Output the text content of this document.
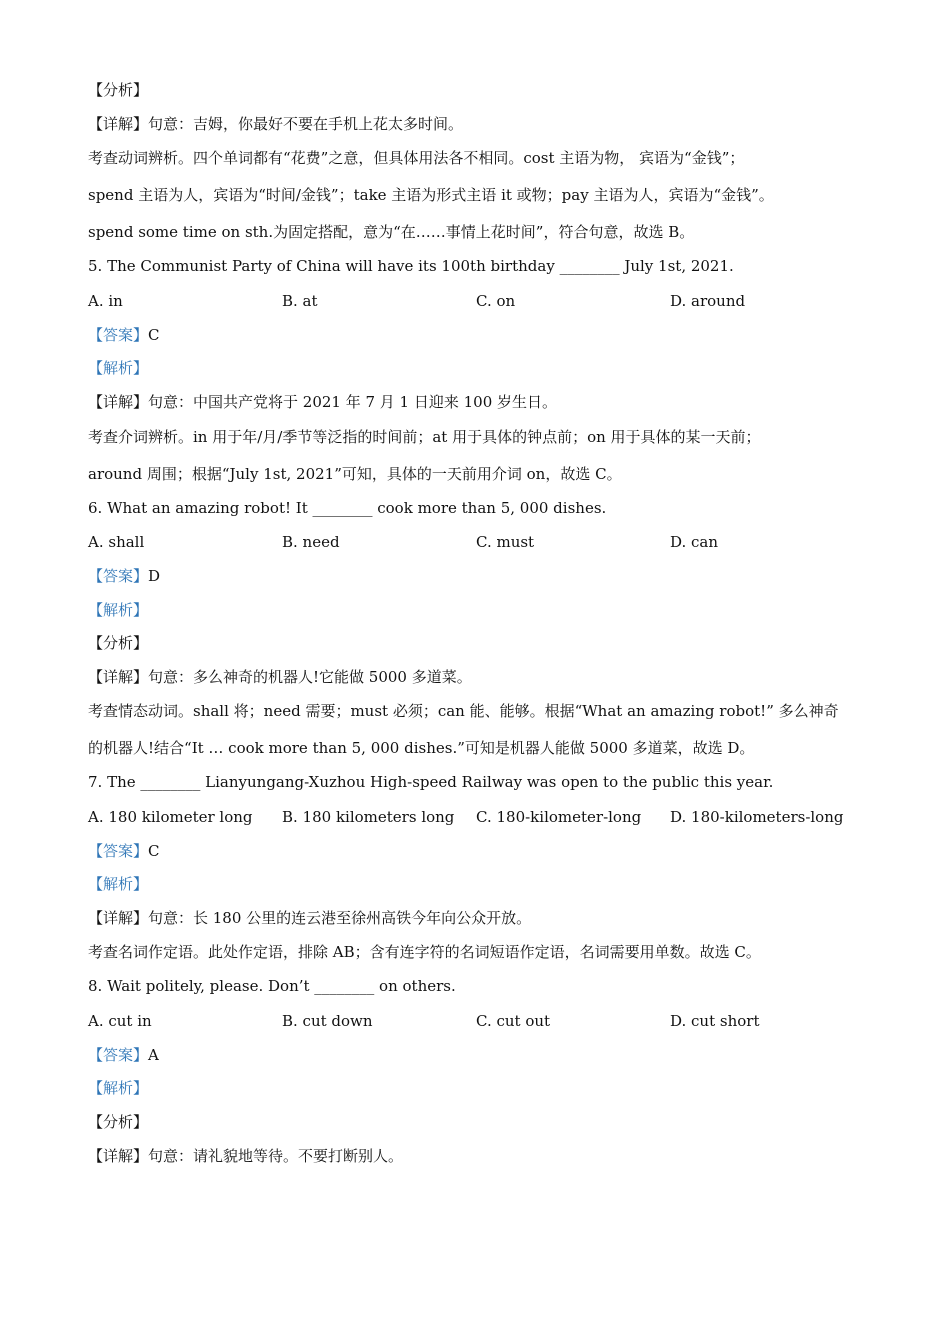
【分析】
【详解】句意：吉姆，你最好不要在手机上花太多时间。
考查动词辨析。四个单词都有“花费”之意，但具体用法各不相同。cost 主语为物， 宾语为“金钱”；
spend 主语为人，宾语为“时间/金钱”；take 主语为形式主语 it 或物；pay 主语为人，宾语为“金钱”。
spend some time on sth.为固定搭配，意为“在……事情上花时间”，符合句意，故选 B。
5. The Communist Party of China will have its 100th birthday ________ July 1st, 2021.
A. in	B. at	C. on	D. around
【答案】C
【解析】
【详解】句意：中国共产党将于 2021 年 7 月 1 日迎来 100 岁生日。
考查介词辨析。in 用于年/月/季节等泛指的时间前；at 用于具体的钟点前；on 用于具体的某一天前；
around 周围；根据“July 1st, 2021”可知，具体的一天前用介词 on，故选 C。
6. What an amazing robot! It ________ cook more than 5, 000 dishes.
A. shall	B. need	C. must	D. can
【答案】D
【解析】
【分析】
【详解】句意：多么神奇的机器人!它能做 5000 多道菜。
考查情态动词。shall 将；need 需要；must 必须；can 能、能够。根据“What an amazing robot!” 多么神奇
的机器人!结合“It … cook more than 5, 000 dishes.”可知是机器人能做 5000 多道菜，故选 D。
7. The ________ Lianyungang-Xuzhou High-speed Railway was open to the public this year.
A. 180 kilometer long B. 180 kilometers long C. 180-kilometer-long D. 180-kilometers-long
【答案】C
【解析】
【详解】句意：长 180 公里的连云港至徐州高铁今年向公众开放。
考查名词作定语。此处作定语，排除 AB；含有连字符的名词短语作定语，名词需要用单数。故选 C。
8. Wait politely, please. Don’t ________ on others.
A. cut in	B. cut down	C. cut out	D. cut short
【答案】A
【解析】
【分析】
【详解】句意：请礼貌地等待。不要打断别人。
